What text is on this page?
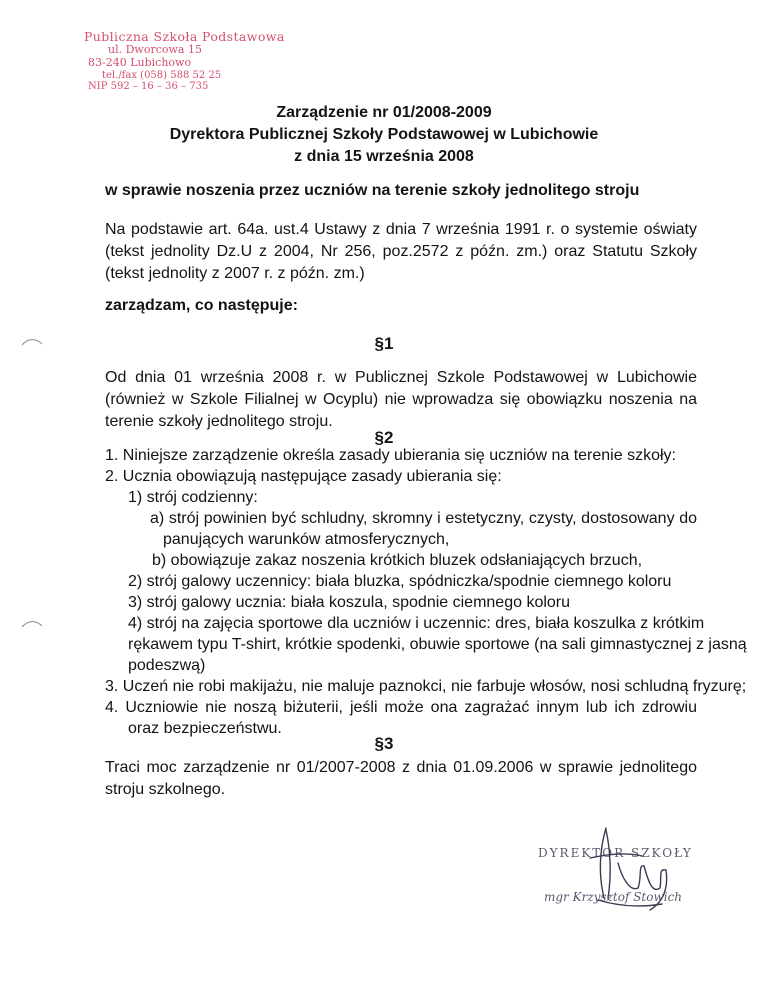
Publiczna Szkoła Podstawowa
ul. Dworcowa 15
83-240 Lubichowo
tel./fax (058) 588 52 25
NIP 592 – 16 – 36 – 735
Zarządzenie nr 01/2008-2009
Dyrektora Publicznej Szkoły Podstawowej w Lubichowie
z dnia 15 września 2008
w sprawie noszenia przez uczniów na terenie szkoły jednolitego stroju
Na podstawie art. 64a. ust.4 Ustawy z dnia 7 września 1991 r. o systemie oświaty (tekst jednolity Dz.U z 2004, Nr 256, poz.2572 z późn. zm.) oraz Statutu Szkoły (tekst jednolity z 2007 r. z późn. zm.)
zarządzam, co następuje:
§1
Od dnia 01 września 2008 r. w Publicznej Szkole Podstawowej w Lubichowie (również w Szkole Filialnej w Ocyplu) nie wprowadza się obowiązku noszenia na terenie szkoły jednolitego stroju.
§2
1. Niniejsze zarządzenie określa zasady ubierania się uczniów na terenie szkoły:
2. Ucznia obowiązują następujące zasady ubierania się:
1) strój codzienny:
a) strój powinien być schludny, skromny i estetyczny, czysty, dostosowany do
panujących warunków atmosferycznych,
b) obowiązuje zakaz noszenia krótkich bluzek odsłaniających brzuch,
2) strój galowy uczennicy: biała bluzka, spódniczka/spodnie ciemnego koloru
3) strój galowy ucznia: biała koszula, spodnie ciemnego koloru
4) strój na zajęcia sportowe dla uczniów i uczennic: dres, biała koszulka z krótkim
rękawem typu T-shirt, krótkie spodenki, obuwie sportowe (na sali gimnastycznej z jasną
podeszwą)
3. Uczeń nie robi makijażu, nie maluje paznokci, nie farbuje włosów, nosi schludną fryzurę;
4. Uczniowie nie noszą biżuterii, jeśli może ona zagrażać innym lub ich zdrowiu
oraz bezpieczeństwu.
§3
Traci moc zarządzenie nr 01/2007-2008 z dnia 01.09.2006 w sprawie jednolitego stroju szkolnego.
DYREKTOR SZKOŁY
mgr Krzysztof Stowich
